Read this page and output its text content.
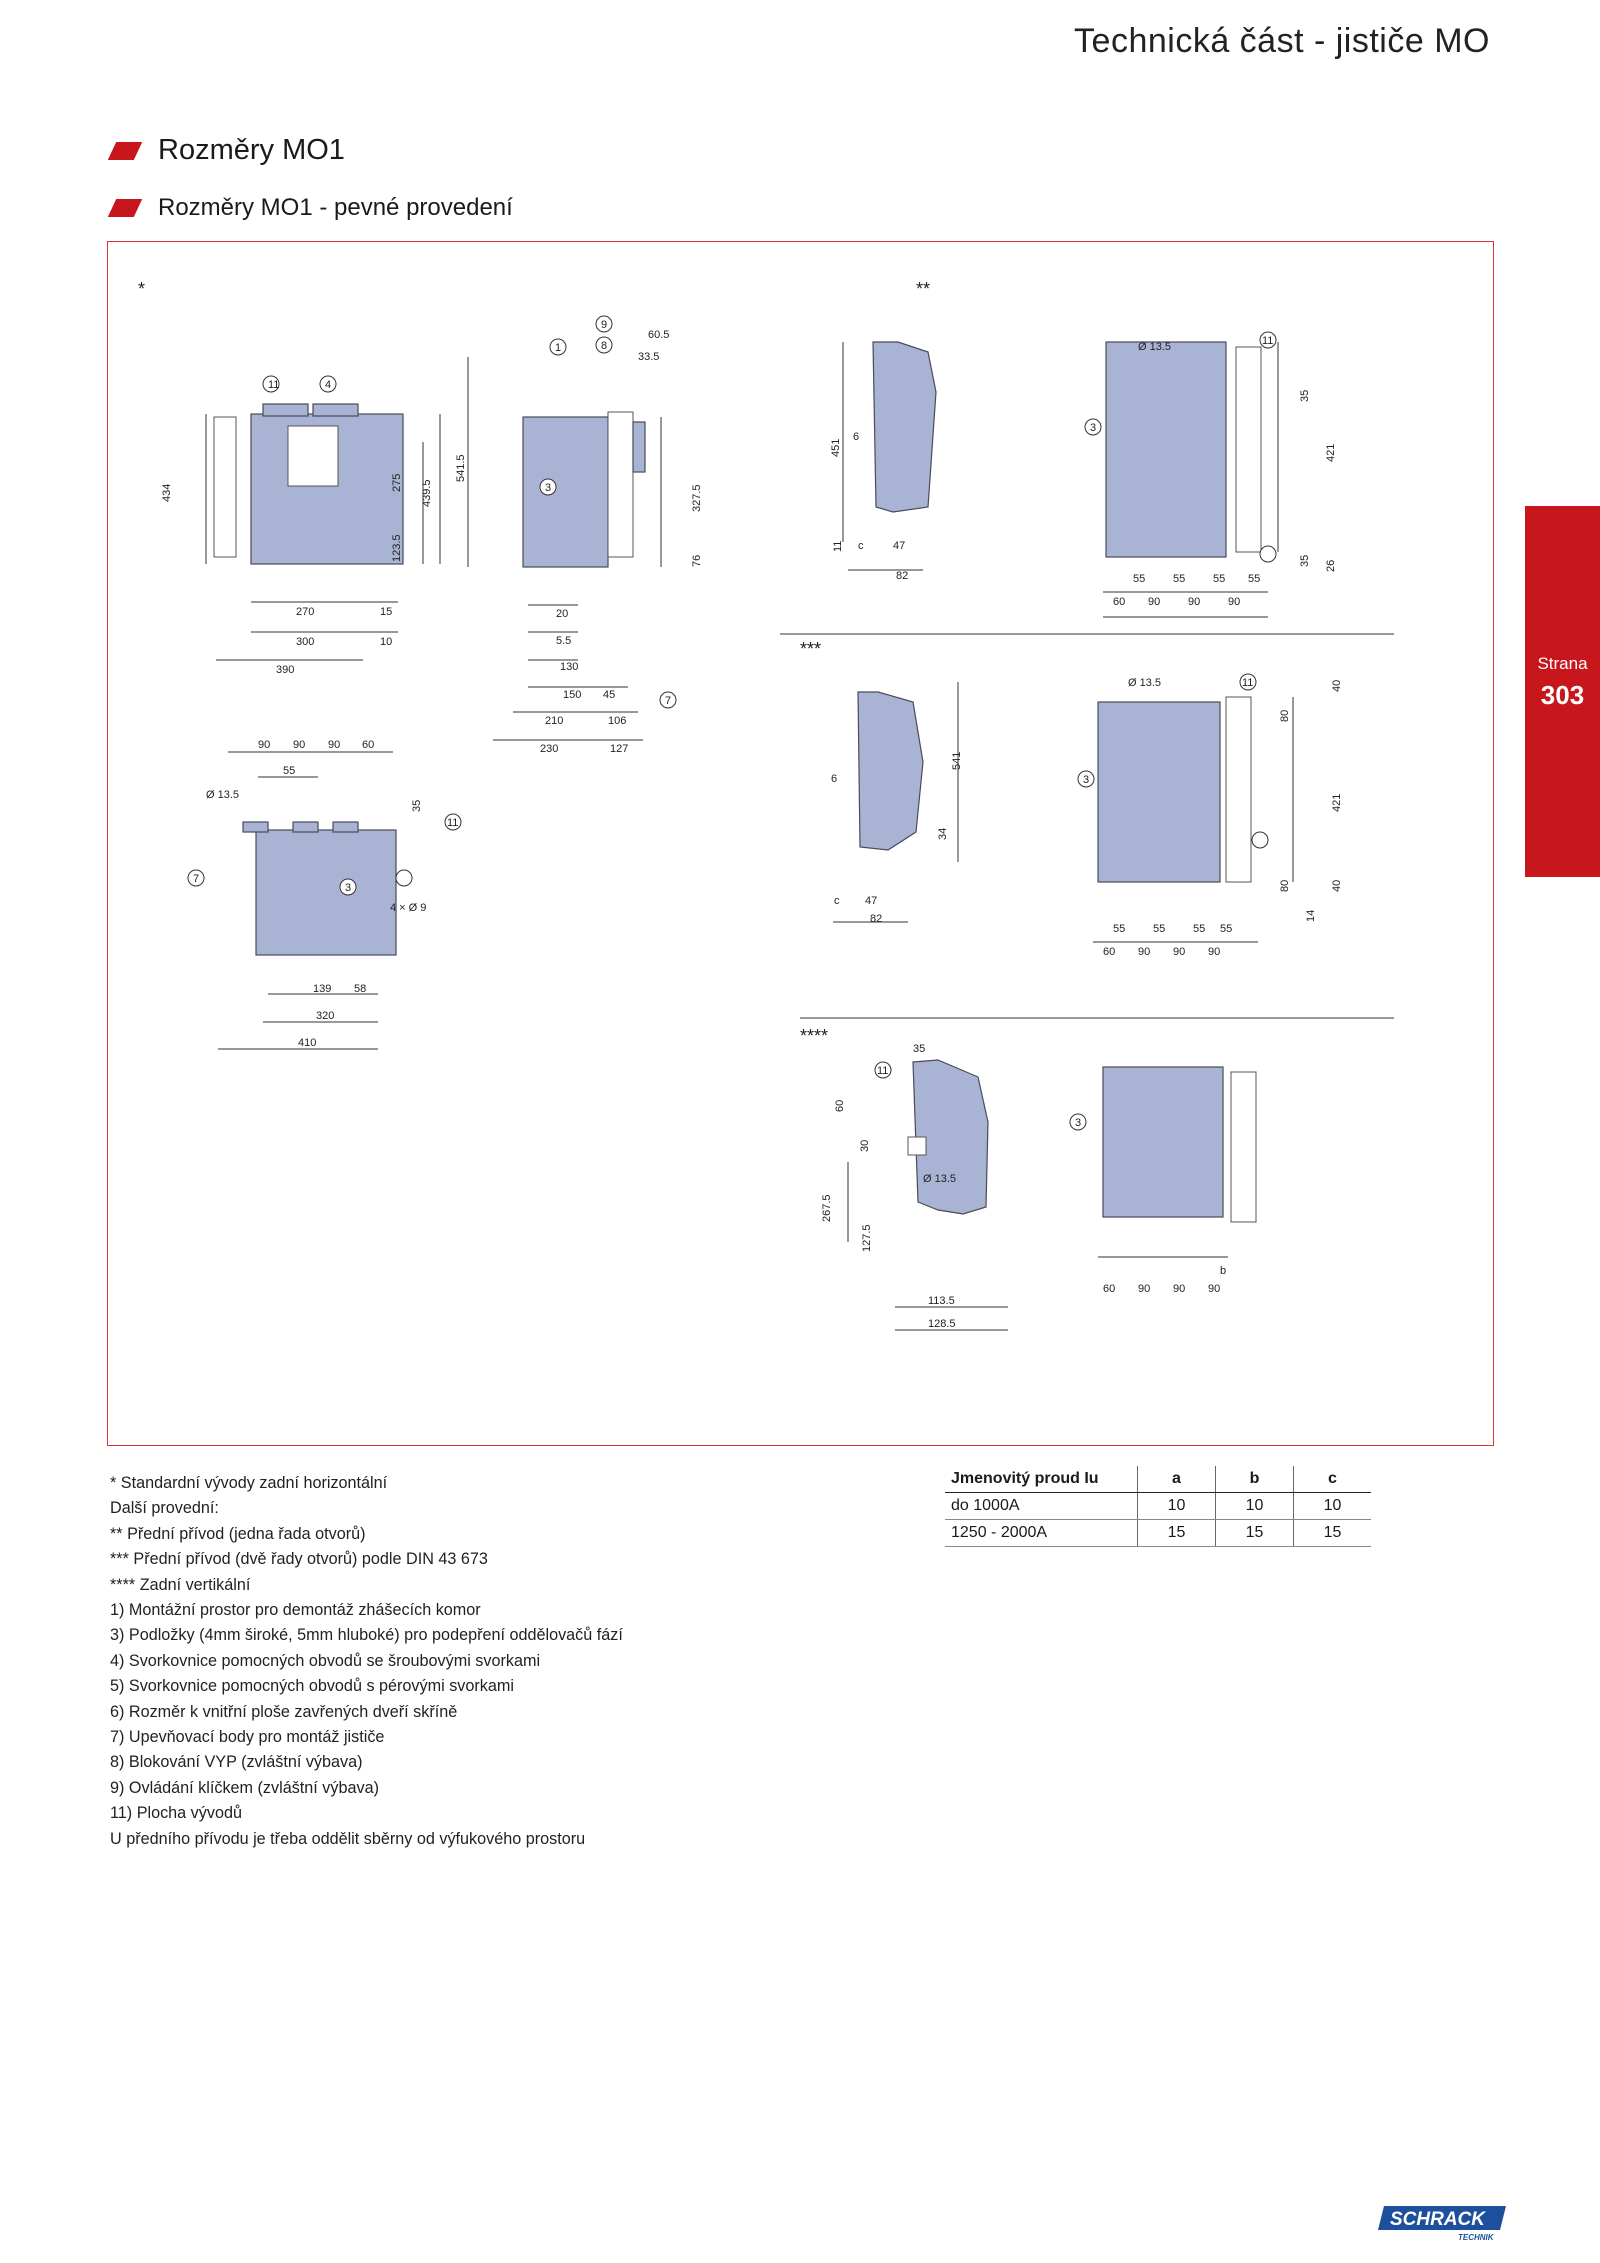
Technická část - jističe MO
Rozměry MO1
Rozměry MO1 - pevné provedení
Strana
303
*	**
***
****
11	4
434
275 439.5
123.5
270	15
300	10
390
1
9
8
3
7
60.5
33.5
541.5
327.5
76
20
5.5
130
150 45
210	106
230	127
7
3
11
90 90 90 60
55
35
Ø 13.5
4 × Ø 9
139 58
320
410
451
6
11 c	47
82
3
11
Ø 13.5
35
421
35 26
60
55
90
55
90
55
90
55
6
541
34
c 47
82
3
11
Ø 13.5	40
80
421
80	40
14
55	55	55 55
60 90 90 90
11
35
60
30
Ø 13.5
267.5
127.5
113.5
128.5
3
60 90 90 90
b
* Standardní vývody zadní horizontální
Další provední:
** Přední přívod (jedna řada otvorů)
*** Přední přívod (dvě řady otvorů) podle DIN 43 673
**** Zadní vertikální
1) Montážní prostor pro demontáž zhášecích komor
3) Podložky (4mm široké, 5mm hluboké) pro podepření oddělovačů fází
4) Svorkovnice pomocných obvodů se šroubovými svorkami
5) Svorkovnice pomocných obvodů s pérovými svorkami
6) Rozměr k vnitřní ploše zavřených dveří skříně
7) Upevňovací body pro montáž jističe
8) Blokování VYP (zvláštní výbava)
9) Ovládání klíčkem (zvláštní výbava)
11) Plocha vývodů
U předního přívodu je třeba oddělit sběrny od výfukového prostoru
Jmenovitý proud Iu	a	b	c
do 1000A	10	10	10
1250 - 2000A	15	15	15
SCHRACK
TECHNIK
